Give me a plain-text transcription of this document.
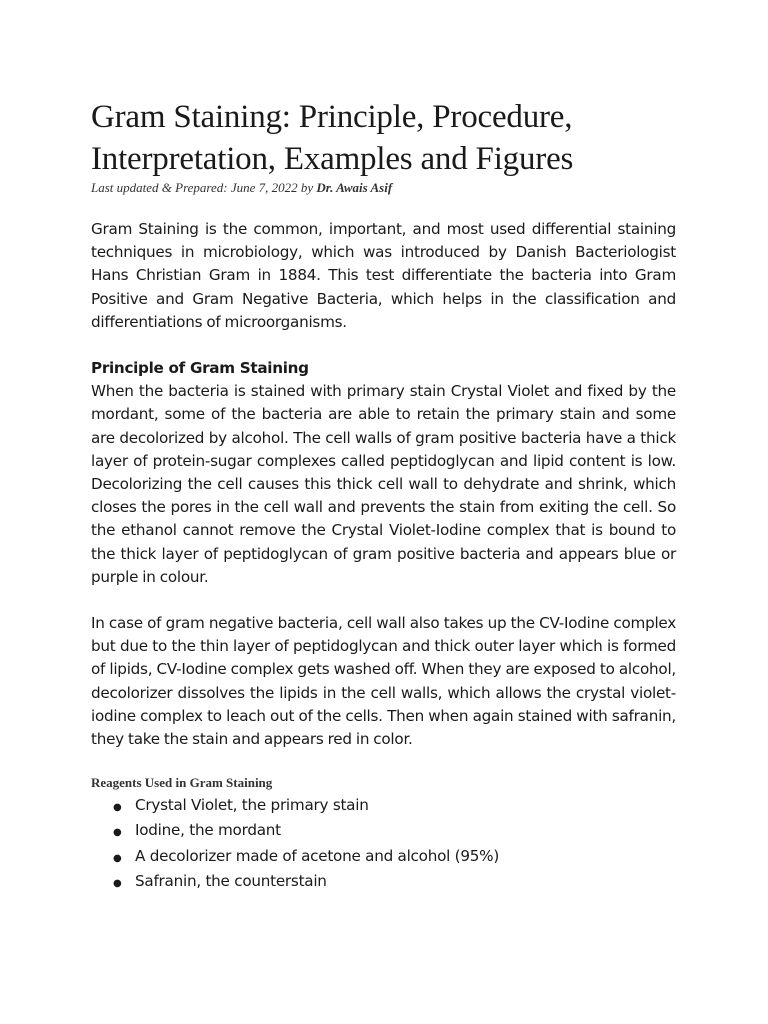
Gram Staining: Principle, Procedure, Interpretation, Examples and Figures

Last updated & Prepared: June 7, 2022 by Dr. Awais Asif

Gram Staining is the common, important, and most used differential staining techniques in microbiology, which was introduced by Danish Bacteriologist Hans Christian Gram in 1884. This test differentiate the bacteria into Gram Positive and Gram Negative Bacteria, which helps in the classification and differentiations of microorganisms.

Principle of Gram Staining

When the bacteria is stained with primary stain Crystal Violet and fixed by the mordant, some of the bacteria are able to retain the primary stain and some are decolorized by alcohol. The cell walls of gram positive bacteria have a thick layer of protein-sugar complexes called peptidoglycan and lipid content is low. Decolorizing the cell causes this thick cell wall to dehydrate and shrink, which closes the pores in the cell wall and prevents the stain from exiting the cell. So the ethanol cannot remove the Crystal Violet-Iodine complex that is bound to the thick layer of peptidoglycan of gram positive bacteria and appears blue or purple in colour.

In case of gram negative bacteria, cell wall also takes up the CV-Iodine complex but due to the thin layer of peptidoglycan and thick outer layer which is formed of lipids, CV-Iodine complex gets washed off. When they are exposed to alcohol, decolorizer dissolves the lipids in the cell walls, which allows the crystal violet-iodine complex to leach out of the cells. Then when again stained with safranin, they take the stain and appears red in color.

Reagents Used in Gram Staining
● Crystal Violet, the primary stain
● Iodine, the mordant
● A decolorizer made of acetone and alcohol (95%)
● Safranin, the counterstain
